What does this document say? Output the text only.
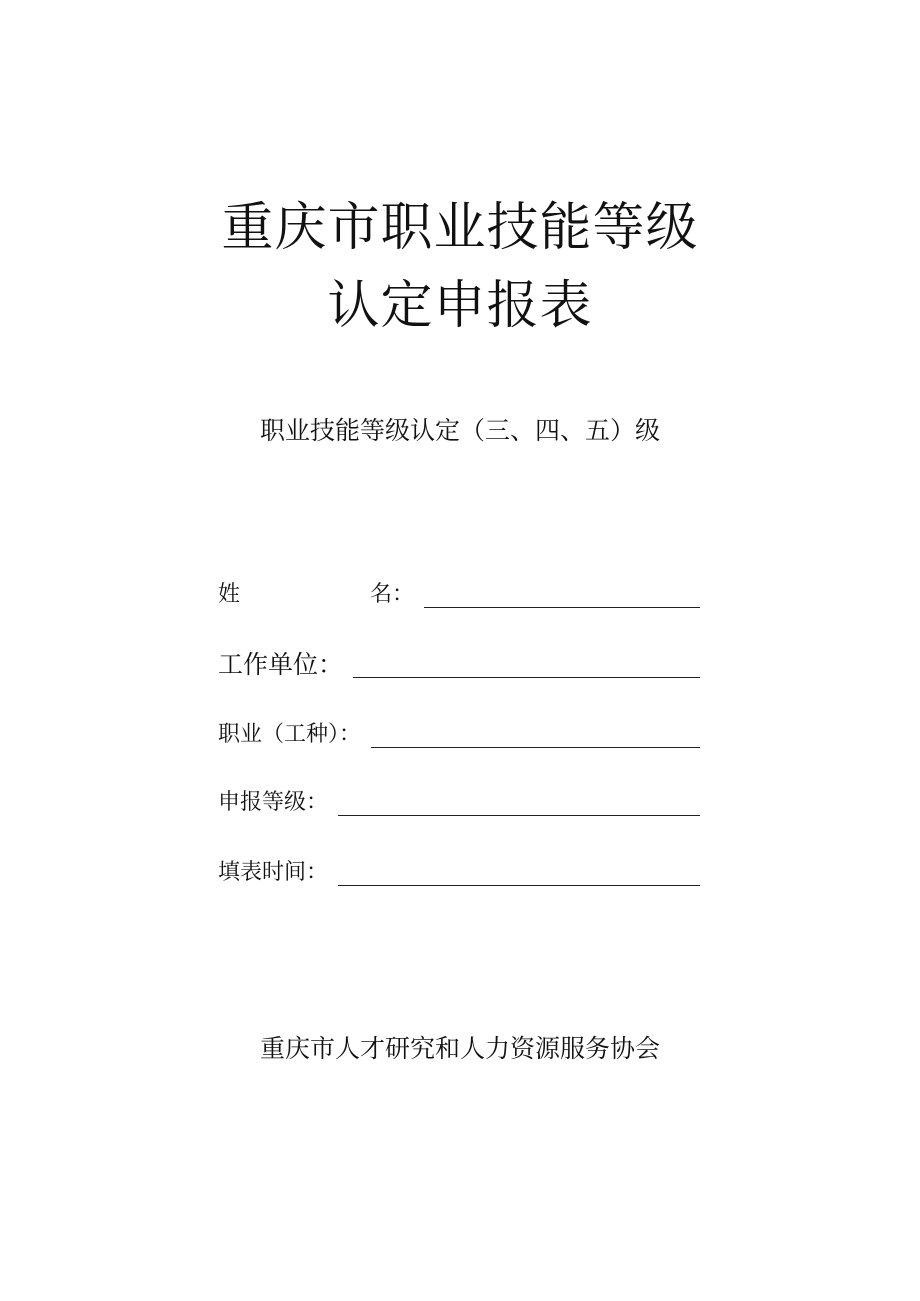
重庆市职业技能等级
认定申报表
职业技能等级认定（三、四、五）级
姓	名：
工作单位：
职业（工种）：
申报等级：
填表时间：
重庆市人才研究和人力资源服务协会
